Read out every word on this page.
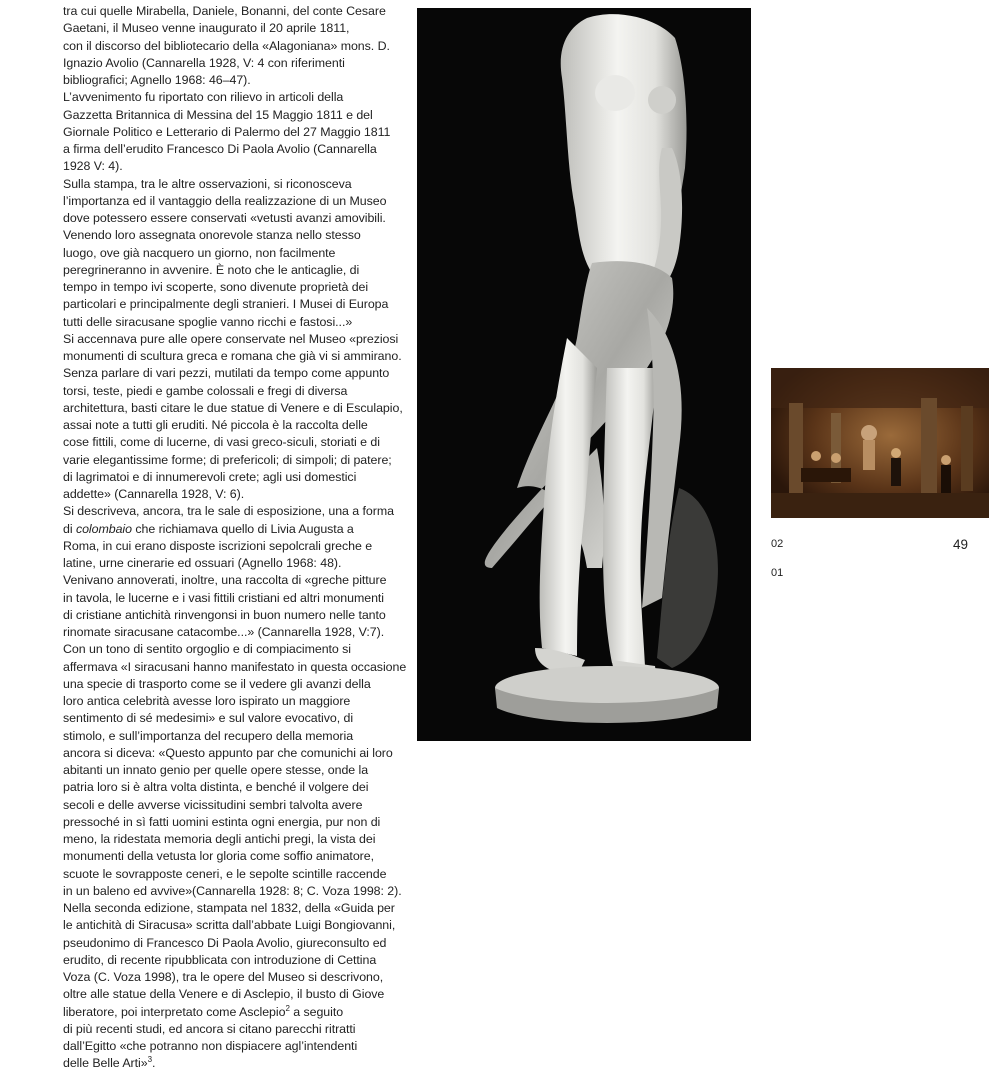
tra cui quelle Mirabella, Daniele, Bonanni, del conte Cesare
Gaetani, il Museo venne inaugurato il 20 aprile 1811,
con il discorso del bibliotecario della «Alagoniana» mons. D.
Ignazio Avolio (Cannarella 1928, V: 4 con riferimenti
bibliografici; Agnello 1968: 46–47).
L’avvenimento fu riportato con rilievo in articoli della
Gazzetta Britannica di Messina del 15 Maggio 1811 e del
Giornale Politico e Letterario di Palermo del 27 Maggio 1811
a firma dell’erudito Francesco Di Paola Avolio (Cannarella
1928 V: 4).
Sulla stampa, tra le altre osservazioni, si riconosceva
l’importanza ed il vantaggio della realizzazione di un Museo
dove potessero essere conservati «vetusti avanzi amovibili.
Venendo loro assegnata onorevole stanza nello stesso
luogo, ove già nacquero un giorno, non facilmente
peregrineranno in avvenire. È noto che le anticaglie, di
tempo in tempo ivi scoperte, sono divenute proprietà dei
particolari e principalmente degli stranieri. I Musei di Europa
tutti delle siracusane spoglie vanno ricchi e fastosi...»
Si accennava pure alle opere conservate nel Museo «preziosi
monumenti di scultura greca e romana che già vi si ammirano.
Senza parlare di vari pezzi, mutilati da tempo come appunto
torsi, teste, piedi e gambe colossali e fregi di diversa
architettura, basti citare le due statue di Venere e di Esculapio,
assai note a tutti gli eruditi. Né piccola è la raccolta delle
cose fittili, come di lucerne, di vasi greco-siculi, storiati e di
varie elegantissime forme; di prefericoli; di simpoli; di patere;
di lagrimatoi e di innumerevoli crete; agli usi domestici
addette» (Cannarella 1928, V: 6).
Si descriveva, ancora, tra le sale di esposizione, una a forma
di colombaio che richiamava quello di Livia Augusta a
Roma, in cui erano disposte iscrizioni sepolcrali greche e
latine, urne cinerarie ed ossuari (Agnello 1968: 48).
Venivano annoverati, inoltre, una raccolta di «greche pitture
in tavola, le lucerne e i vasi fittili cristiani ed altri monumenti
di cristiane antichità rinvengonsi in buon numero nelle tanto
rinomate siracusane catacombe...» (Cannarella 1928, V:7).
Con un tono di sentito orgoglio e di compiacimento si
affermava «I siracusani hanno manifestato in questa occasione
una specie di trasporto come se il vedere gli avanzi della
loro antica celebrità avesse loro ispirato un maggiore
sentimento di sé medesimi» e sul valore evocativo, di
stimolo, e sull’importanza del recupero della memoria
ancora si diceva: «Questo appunto par che comunichi ai loro
abitanti un innato genio per quelle opere stesse, onde la
patria loro si è altra volta distinta, e benché il volgere dei
secoli e delle avverse vicissitudini sembri talvolta avere
pressoché in sì fatti uomini estinta ogni energia, pur non di
meno, la ridestata memoria degli antichi pregi, la vista dei
monumenti della vetusta lor gloria come soffio animatore,
scuote le sovrapposte ceneri, e le sepolte scintille raccende
in un baleno ed avvive»(Cannarella 1928: 8; C. Voza 1998: 2).
Nella seconda edizione, stampata nel 1832, della «Guida per
le antichità di Siracusa» scritta dall’abbate Luigi Bongiovanni,
pseudonimo di Francesco Di Paola Avolio, giureconsulto ed
erudito, di recente ripubblicata con introduzione di Cettina
Voza (C. Voza 1998), tra le opere del Museo si descrivono,
oltre alle statue della Venere e di Asclepio, il busto di Giove
liberatore, poi interpretato come Asclepio$^2$ a seguito
di più recenti studi, ed ancora si citano parecchi ritratti
dall’Egitto «che potranno non dispiacere agl’intendenti
delle Belle Arti»$^3$.
02
01
49
